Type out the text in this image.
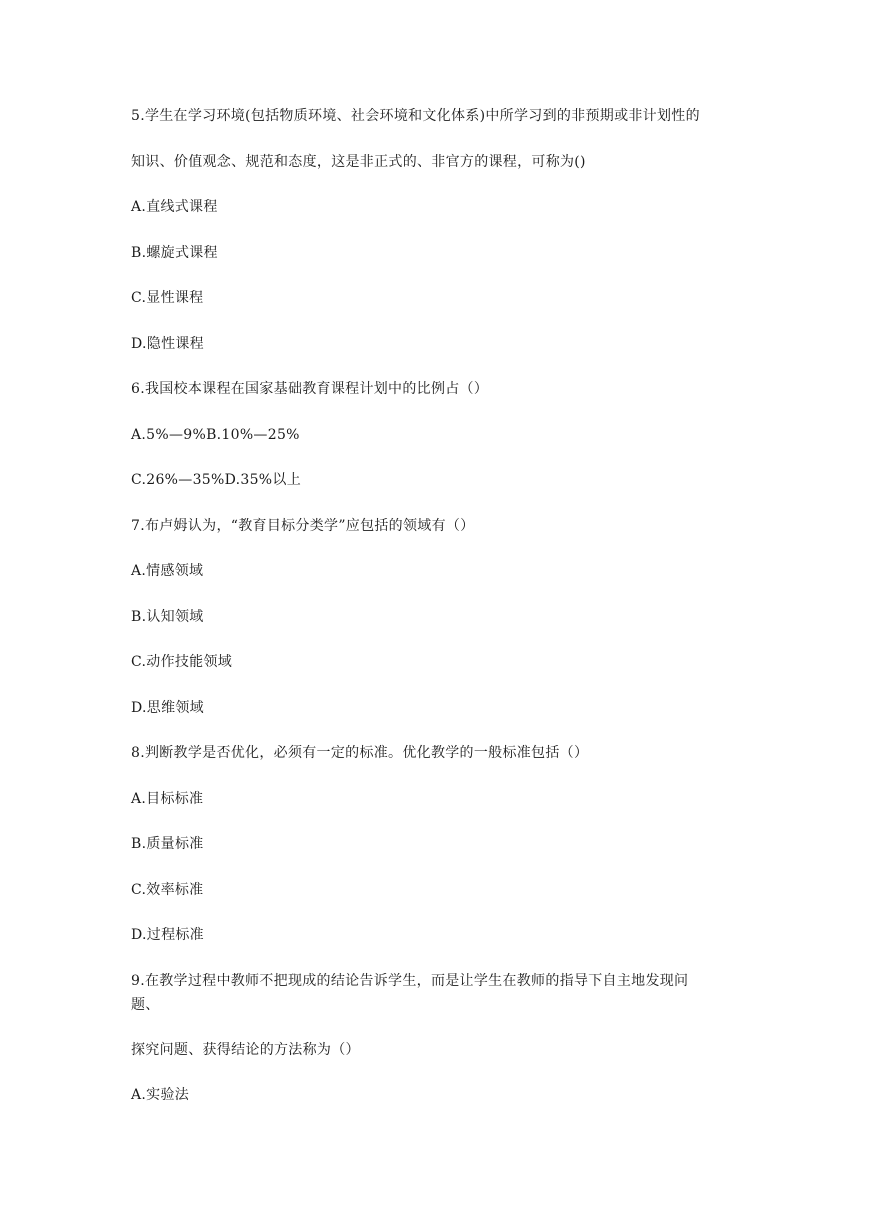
5.学生在学习环境(包括物质环境、社会环境和文化体系)中所学习到的非预期或非计划性的
知识、价值观念、规范和态度，这是非正式的、非官方的课程，可称为()
A.直线式课程
B.螺旋式课程
C.显性课程
D.隐性课程
6.我国校本课程在国家基础教育课程计划中的比例占（）
A.5%—9%B.10%—25%
C.26%—35%D.35%以上
7.布卢姆认为，“教育目标分类学”应包括的领域有（）
A.情感领域
B.认知领域
C.动作技能领域
D.思维领域
8.判断教学是否优化，必须有一定的标准。优化教学的一般标准包括（）
A.目标标准
B.质量标准
C.效率标准
D.过程标准
9.在教学过程中教师不把现成的结论告诉学生，而是让学生在教师的指导下自主地发现问
题、
探究问题、获得结论的方法称为（）
A.实验法
